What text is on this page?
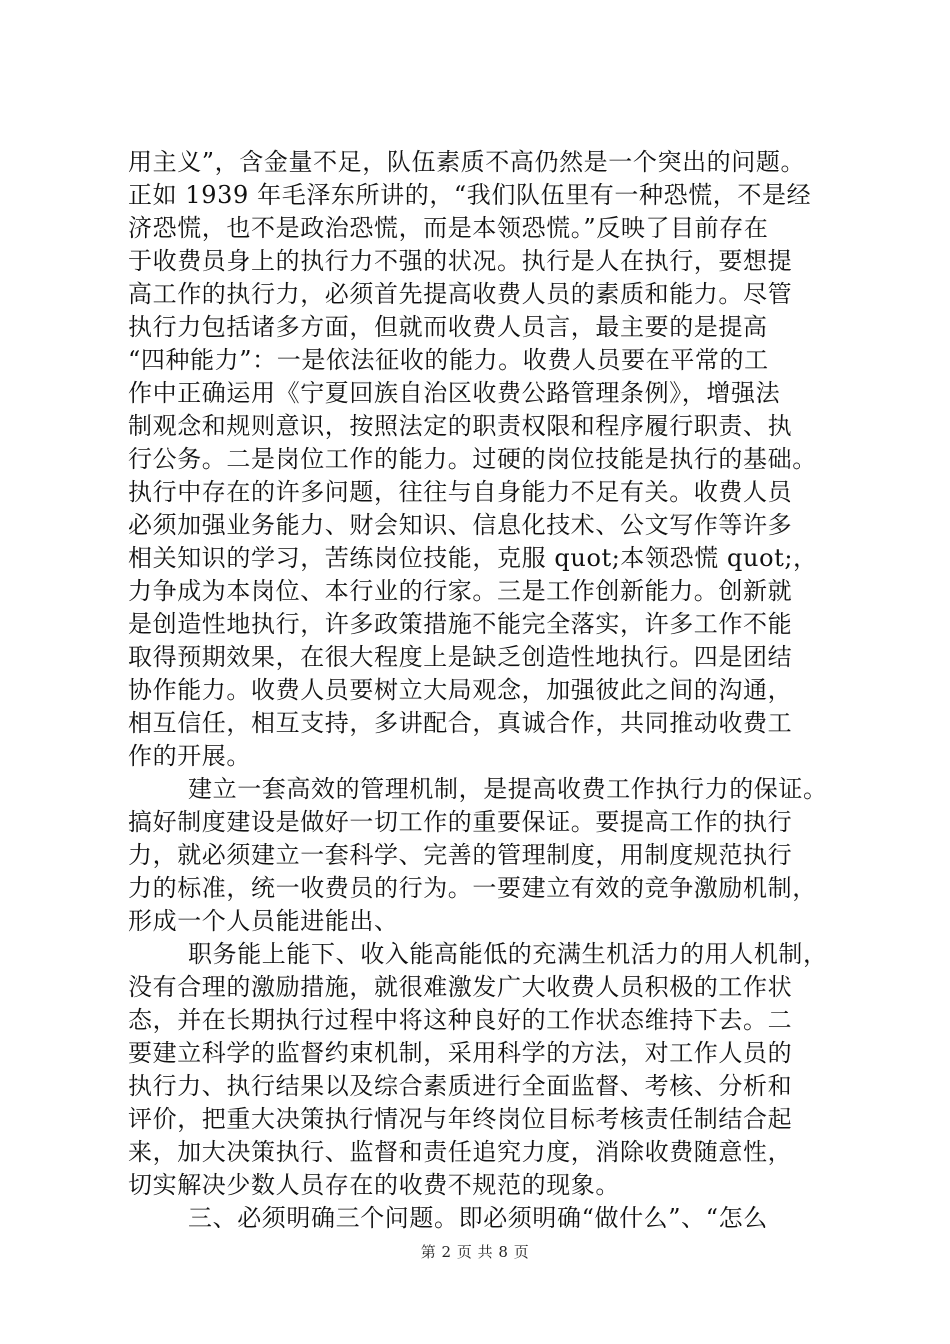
用主义”，含金量不足，队伍素质不高仍然是一个突出的问题。
正如 1939 年毛泽东所讲的，“我们队伍里有一种恐慌，不是经
济恐慌，也不是政治恐慌，而是本领恐慌。”反映了目前存在
于收费员身上的执行力不强的状况。执行是人在执行，要想提
高工作的执行力，必须首先提高收费人员的素质和能力。尽管
执行力包括诸多方面，但就而收费人员言，最主要的是提高
“四种能力”：一是依法征收的能力。收费人员要在平常的工
作中正确运用《宁夏回族自治区收费公路管理条例》，增强法
制观念和规则意识，按照法定的职责权限和程序履行职责、执
行公务。二是岗位工作的能力。过硬的岗位技能是执行的基础。
执行中存在的许多问题，往往与自身能力不足有关。收费人员
必须加强业务能力、财会知识、信息化技术、公文写作等许多
相关知识的学习，苦练岗位技能，克服 quot;本领恐慌 quot;，
力争成为本岗位、本行业的行家。三是工作创新能力。创新就
是创造性地执行，许多政策措施不能完全落实，许多工作不能
取得预期效果，在很大程度上是缺乏创造性地执行。四是团结
协作能力。收费人员要树立大局观念，加强彼此之间的沟通，
相互信任，相互支持，多讲配合，真诚合作，共同推动收费工
作的开展。
建立一套高效的管理机制，是提高收费工作执行力的保证。
搞好制度建设是做好一切工作的重要保证。要提高工作的执行
力，就必须建立一套科学、完善的管理制度，用制度规范执行
力的标准，统一收费员的行为。一要建立有效的竞争激励机制，
形成一个人员能进能出、
职务能上能下、收入能高能低的充满生机活力的用人机制，
没有合理的激励措施，就很难激发广大收费人员积极的工作状
态，并在长期执行过程中将这种良好的工作状态维持下去。二
要建立科学的监督约束机制，采用科学的方法，对工作人员的
执行力、执行结果以及综合素质进行全面监督、考核、分析和
评价，把重大决策执行情况与年终岗位目标考核责任制结合起
来，加大决策执行、监督和责任追究力度，消除收费随意性，
切实解决少数人员存在的收费不规范的现象。
三、必须明确三个问题。即必须明确“做什么”、“怎么
第 2 页 共 8 页
